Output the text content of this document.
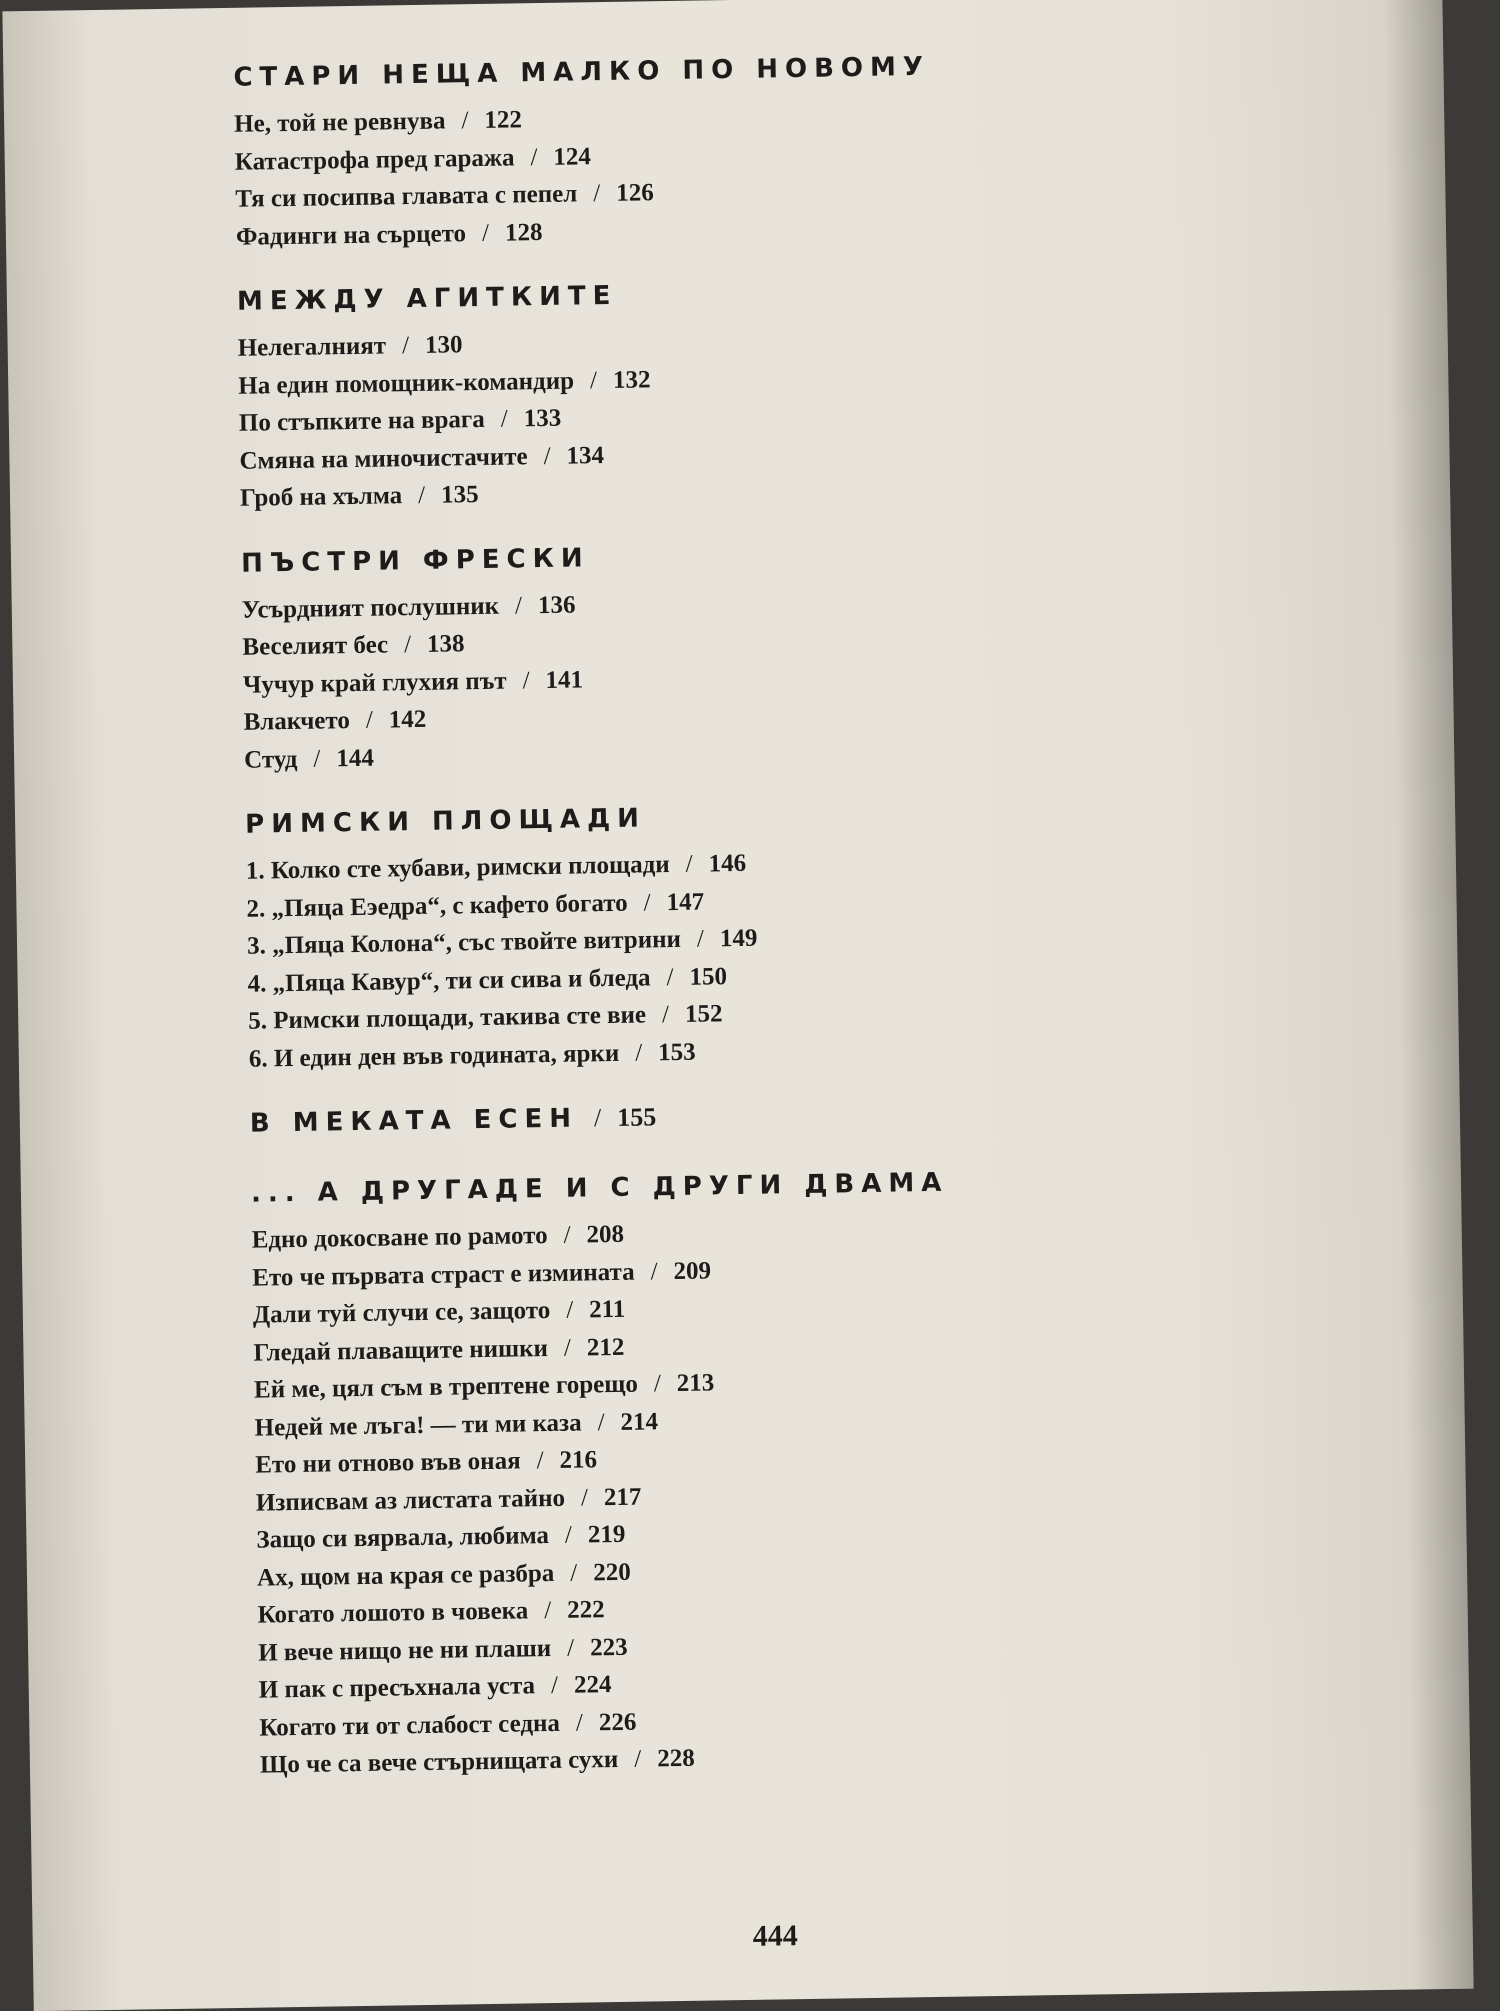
СТАРИ НЕЩА МАЛКО ПО НОВОМУ
Не, той не ревнува / 122
Катастрофа пред гаража / 124
Тя си посипва главата с пепел / 126
Фадинги на сърцето / 128
МЕЖДУ АГИТКИТЕ
Нелегалният / 130
На един помощник-командир / 132
По стъпките на врага / 133
Смяна на миночистачите / 134
Гроб на хълма / 135
ПЪСТРИ ФРЕСКИ
Усърдният послушник / 136
Веселият бес / 138
Чучур край глухия път / 141
Влакчето / 142
Студ / 144
РИМСКИ ПЛОЩАДИ
1. Колко сте хубави, римски площади / 146
2. „Пяца Еэедра“, с кафето богато / 147
3. „Пяца Колона“, със твойте витрини / 149
4. „Пяца Кавур“, ти си сива и бледа / 150
5. Римски площади, такива сте вие / 152
6. И един ден във годината, ярки / 153
В МЕКАТА ЕСЕН / 155
... А ДРУГАДЕ И С ДРУГИ ДВАМА
Едно докосване по рамото / 208
Ето че първата страст е измината / 209
Дали туй случи се, защото / 211
Гледай плаващите нишки / 212
Ей ме, цял съм в трептене горещо / 213
Недей ме лъга! — ти ми каза / 214
Ето ни отново във оная / 216
Изписвам аз листата тайно / 217
Защо си вярвала, любима / 219
Ах, щом на края се разбра / 220
Когато лошото в човека / 222
И вече нищо не ни плаши / 223
И пак с пресъхнала уста / 224
Когато ти от слабост седна / 226
Що че са вече стърнищата сухи / 228
444
